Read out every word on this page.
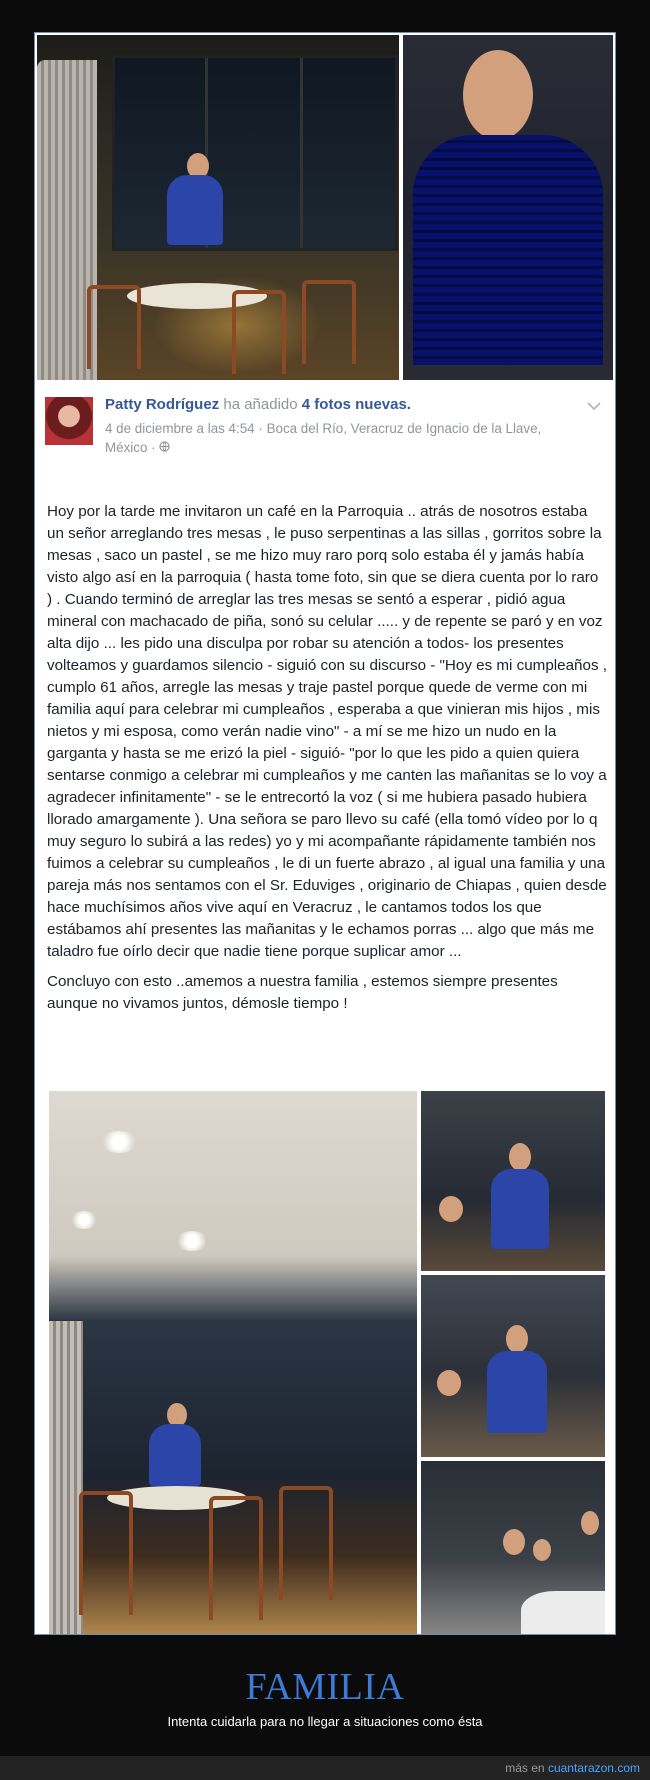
Patty Rodríguez ha añadido 4 fotos nuevas.
4 de diciembre a las 4:54 · Boca del Río, Veracruz de Ignacio de la Llave, México ·

Hoy por la tarde me invitaron un café en la Parroquia .. atrás de nosotros estaba un señor arreglando tres mesas , le puso serpentinas a las sillas , gorritos sobre la mesas , saco un pastel , se me hizo muy raro porq solo estaba él y jamás había visto algo así en la parroquia ( hasta tome foto, sin que se diera cuenta por lo raro ) . Cuando terminó de arreglar las tres mesas se sentó a esperar , pidió agua mineral con machacado de piña, sonó su celular ..... y de repente se paró y en voz alta dijo ... les pido una disculpa por robar su atención a todos- los presentes volteamos y guardamos silencio - siguió con su discurso - "Hoy es mi cumpleaños , cumplo 61 años, arregle las mesas y traje pastel porque quede de verme con mi familia aquí para celebrar mi cumpleaños , esperaba a que vinieran mis hijos , mis nietos y mi esposa, como verán nadie vino" - a mí se me hizo un nudo en la garganta y hasta se me erizó la piel - siguió- "por lo que les pido a quien quiera sentarse conmigo a celebrar mi cumpleaños y me canten las mañanitas se lo voy a agradecer infinitamente" - se le entrecortó la voz ( si me hubiera pasado hubiera llorado amargamente ). Una señora se paro llevo su café (ella tomó vídeo por lo q muy seguro lo subirá a las redes) yo y mi acompañante rápidamente también nos fuimos a celebrar su cumpleaños , le di un fuerte abrazo , al igual una familia y una pareja más nos sentamos con el Sr. Eduviges , originario de Chiapas , quien desde hace muchísimos años vive aquí en Veracruz , le cantamos todos los que estábamos ahí presentes las mañanitas y le echamos porras ... algo que más me taladro fue oírlo decir que nadie tiene porque suplicar amor ...

Concluyo con esto ..amemos a nuestra familia , estemos siempre presentes aunque no vivamos juntos, démosle tiempo !

FAMILIA
Intenta cuidarla para no llegar a situaciones como ésta
más en cuantarazon.com
